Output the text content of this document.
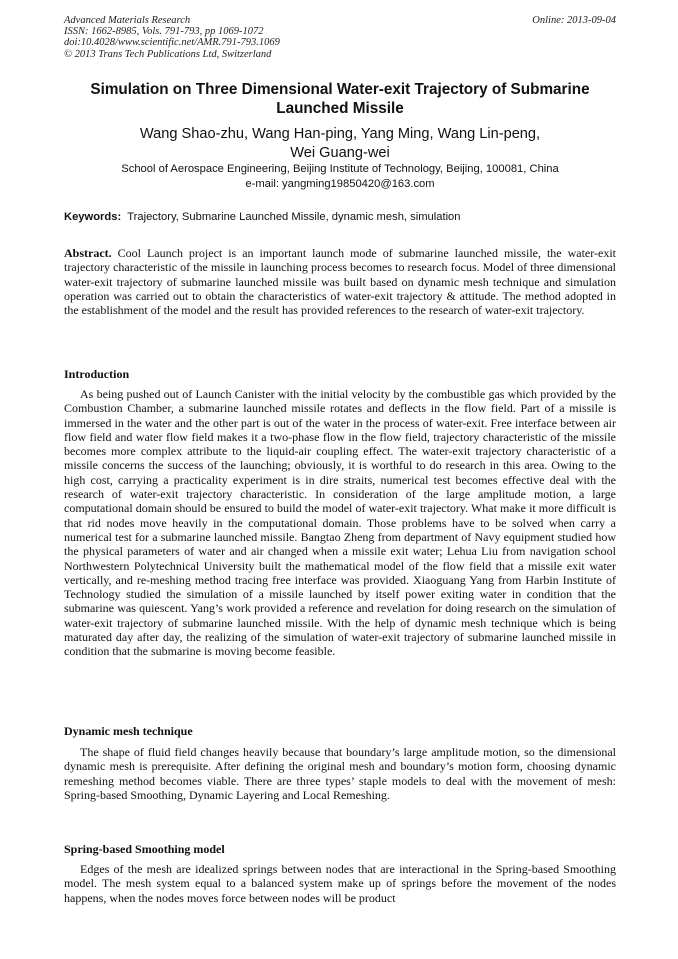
Advanced Materials Research
ISSN: 1662-8985, Vols. 791-793, pp 1069-1072
doi:10.4028/www.scientific.net/AMR.791-793.1069
© 2013 Trans Tech Publications Ltd, Switzerland
Online: 2013-09-04
Simulation on Three Dimensional Water-exit Trajectory of Submarine
Launched Missile
Wang Shao-zhu, Wang Han-ping, Yang Ming, Wang Lin-peng,
Wei Guang-wei
School of Aerospace Engineering, Beijing Institute of Technology, Beijing, 100081, China
e-mail: yangming19850420@163.com
Keywords: Trajectory, Submarine Launched Missile, dynamic mesh, simulation

Abstract. Cool Launch project is an important launch mode of submarine launched missile, the water-exit trajectory characteristic of the missile in launching process becomes to research focus. Model of three dimensional water-exit trajectory of submarine launched missile was built based on dynamic mesh technique and simulation operation was carried out to obtain the characteristics of water-exit trajectory & attitude. The method adopted in the establishment of the model and the result has provided references to the research of water-exit trajectory.

Introduction

As being pushed out of Launch Canister with the initial velocity by the combustible gas which provided by the Combustion Chamber, a submarine launched missile rotates and deflects in the flow field. Part of a missile is immersed in the water and the other part is out of the water in the process of water-exit. Free interface between air flow field and water flow field makes it a two-phase flow in the flow field, trajectory characteristic of the missile becomes more complex attribute to the liquid-air coupling effect. The water-exit trajectory characteristic of a missile concerns the success of the launching; obviously, it is worthful to do research in this area. Owing to the high cost, carrying a practicality experiment is in dire straits, numerical test becomes effective deal with the research of water-exit trajectory characteristic. In consideration of the large amplitude motion, a large computational domain should be ensured to build the model of water-exit trajectory. What make it more difficult is that rid nodes move heavily in the computational domain. Those problems have to be solved when carry a numerical test for a submarine launched missile. Bangtao Zheng from department of Navy equipment studied how the physical parameters of water and air changed when a missile exit water; Lehua Liu from navigation school Northwestern Polytechnical University built the mathematical model of the flow field that a missile exit water vertically, and re-meshing method tracing free interface was provided. Xiaoguang Yang from Harbin Institute of Technology studied the simulation of a missile launched by itself power exiting water in condition that the submarine was quiescent. Yang’s work provided a reference and revelation for doing research on the simulation of water-exit trajectory of submarine launched missile. With the help of dynamic mesh technique which is being maturated day after day, the realizing of the simulation of water-exit trajectory of submarine launched missile in condition that the submarine is moving become feasible.

Dynamic mesh technique

The shape of fluid field changes heavily because that boundary’s large amplitude motion, so the dimensional dynamic mesh is prerequisite. After defining the original mesh and boundary’s motion form, choosing dynamic remeshing method becomes viable. There are three types’ staple models to deal with the movement of mesh: Spring-based Smoothing, Dynamic Layering and Local Remeshing.

Spring-based Smoothing model

Edges of the mesh are idealized springs between nodes that are interactional in the Spring-based Smoothing model. The mesh system equal to a balanced system make up of springs before the movement of the nodes happens, when the nodes moves force between nodes will be product
